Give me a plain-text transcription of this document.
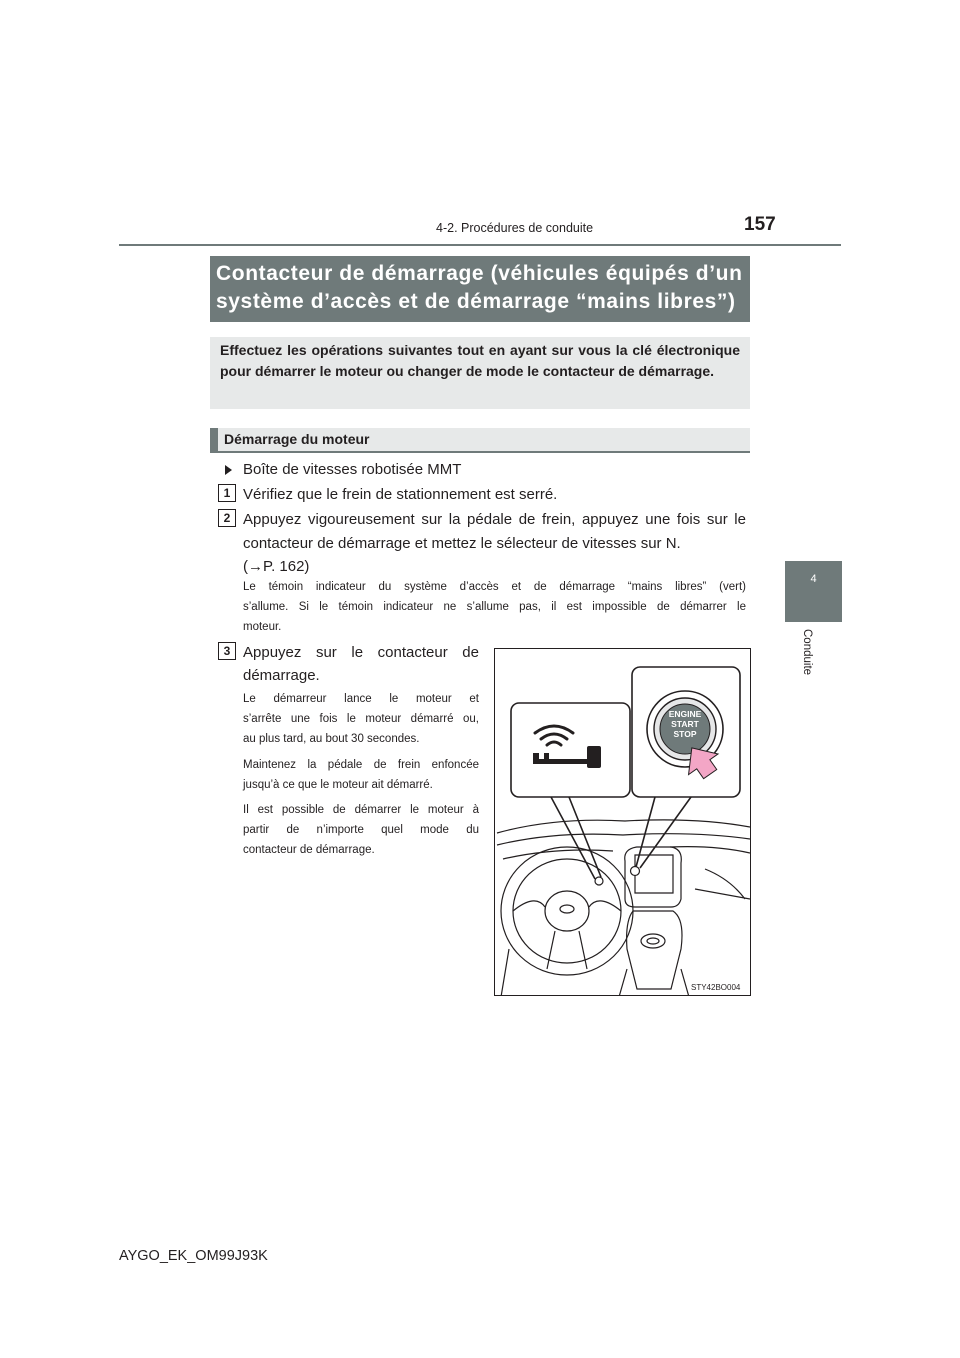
4-2. Procédures de conduite	157
4
Conduite
Contacteur de démarrage (véhicules équipés d’un
système d’accès et de démarrage “mains libres”)
Effectuez les opérations suivantes tout en ayant sur vous la clé électronique pour démarrer le moteur ou changer de mode le contacteur de démarrage.
Démarrage du moteur
Boîte de vitesses robotisée MMT
1 Vérifiez que le frein de stationnement est serré.
2 Appuyez vigoureusement sur la pédale de frein, appuyez une fois sur le
contacteur de démarrage et mettez le sélecteur de vitesses sur N.
(→P. 162)
Le témoin indicateur du système d’accès et de démarrage “mains libres” (vert)
s’allume. Si le témoin indicateur ne s’allume pas, il est impossible de démarrer le
moteur.
3 Appuyez sur le contacteur de
démarrage.
Le démarreur lance le moteur et
s’arrête une fois le moteur démarré ou,
au plus tard, au bout 30 secondes.
Maintenez la pédale de frein enfoncée
jusqu’à ce que le moteur ait démarré.
Il est possible de démarrer le moteur à
partir de n’importe quel mode du
contacteur de démarrage.
ENGINE
START
STOP
STY42BO004
AYGO_EK_OM99J93K
